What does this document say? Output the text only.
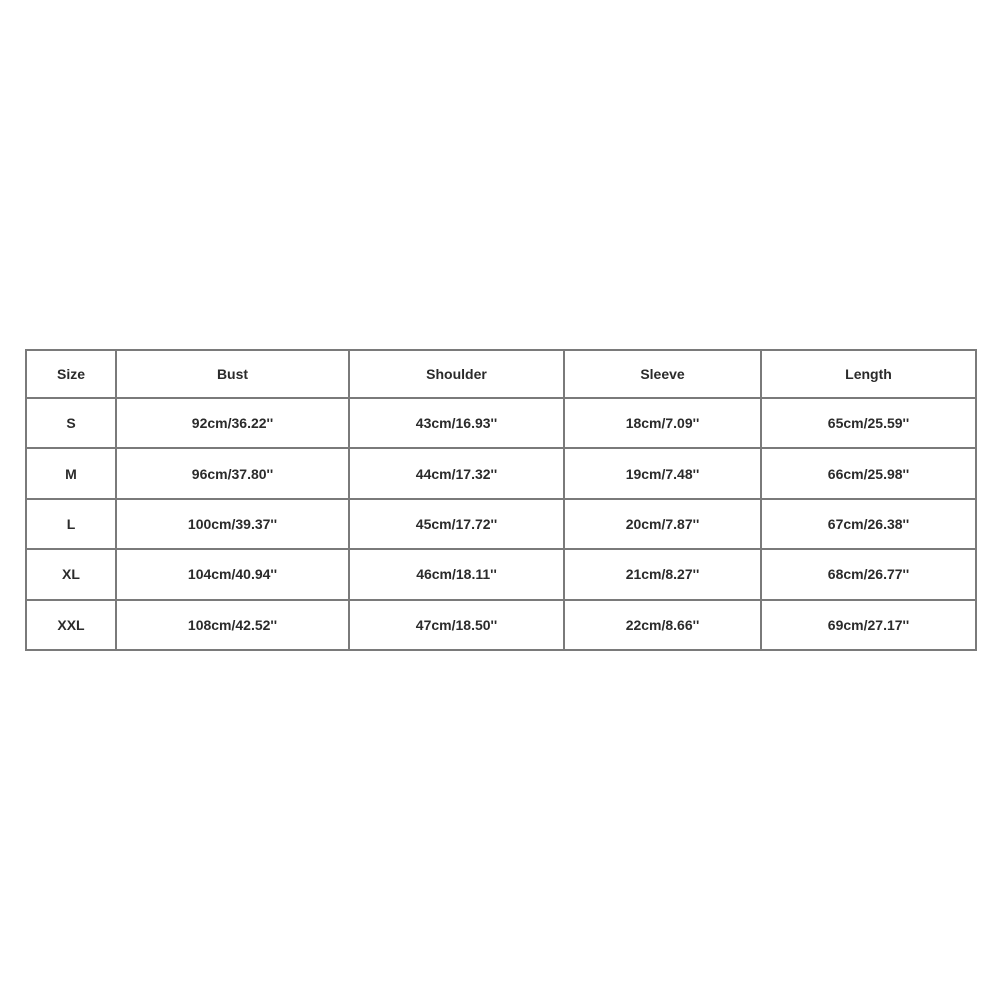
Size	Bust	Shoulder	Sleeve	Length
S	92cm/36.22''	43cm/16.93''	18cm/7.09''	65cm/25.59''
M	96cm/37.80''	44cm/17.32''	19cm/7.48''	66cm/25.98''
L	100cm/39.37''	45cm/17.72''	20cm/7.87''	67cm/26.38''
XL	104cm/40.94''	46cm/18.11''	21cm/8.27''	68cm/26.77''
XXL	108cm/42.52''	47cm/18.50''	22cm/8.66''	69cm/27.17''
